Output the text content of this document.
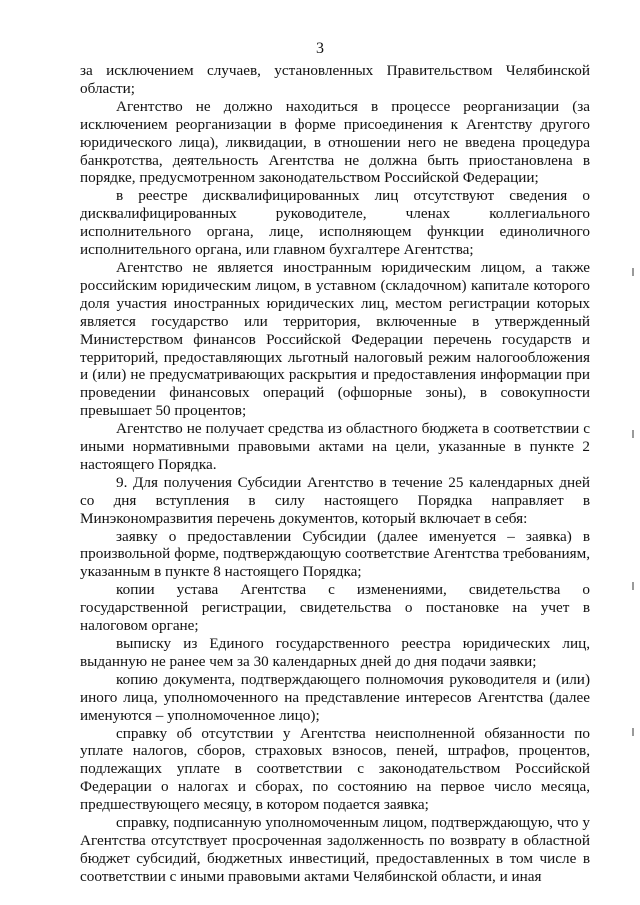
3

за исключением случаев, установленных Правительством Челябинской области;

Агентство не должно находиться в процессе реорганизации (за исключением реорганизации в форме присоединения к Агентству другого юридического лица), ликвидации, в отношении него не введена процедура банкротства, деятельность Агентства не должна быть приостановлена в порядке, предусмотренном законодательством Российской Федерации;

в реестре дисквалифицированных лиц отсутствуют сведения о дисквалифицированных руководителе, членах коллегиального исполнительного органа, лице, исполняющем функции единоличного исполнительного органа, или главном бухгалтере Агентства;

Агентство не является иностранным юридическим лицом, а также российским юридическим лицом, в уставном (складочном) капитале которого доля участия иностранных юридических лиц, местом регистрации которых является государство или территория, включенные в утвержденный Министерством финансов Российской Федерации перечень государств и территорий, предоставляющих льготный налоговый режим налогообложения и (или) не предусматривающих раскрытия и предоставления информации при проведении финансовых операций (офшорные зоны), в совокупности превышает 50 процентов;

Агентство не получает средства из областного бюджета в соответствии с иными нормативными правовыми актами на цели, указанные в пункте 2 настоящего Порядка.

9. Для получения Субсидии Агентство в течение 25 календарных дней со дня вступления в силу настоящего Порядка направляет в Минэкономразвития перечень документов, который включает в себя:

заявку о предоставлении Субсидии (далее именуется – заявка) в произвольной форме, подтверждающую соответствие Агентства требованиям, указанным в пункте 8 настоящего Порядка;

копии устава Агентства с изменениями, свидетельства о государственной регистрации, свидетельства о постановке на учет в налоговом органе;

выписку из Единого государственного реестра юридических лиц, выданную не ранее чем за 30 календарных дней до дня подачи заявки;

копию документа, подтверждающего полномочия руководителя и (или) иного лица, уполномоченного на представление интересов Агентства (далее именуются – уполномоченное лицо);

справку об отсутствии у Агентства неисполненной обязанности по уплате налогов, сборов, страховых взносов, пеней, штрафов, процентов, подлежащих уплате в соответствии с законодательством Российской Федерации о налогах и сборах, по состоянию на первое число месяца, предшествующего месяцу, в котором подается заявка;

справку, подписанную уполномоченным лицом, подтверждающую, что у Агентства отсутствует просроченная задолженность по возврату в областной бюджет субсидий, бюджетных инвестиций, предоставленных в том числе в соответствии с иными правовыми актами Челябинской области, и иная
